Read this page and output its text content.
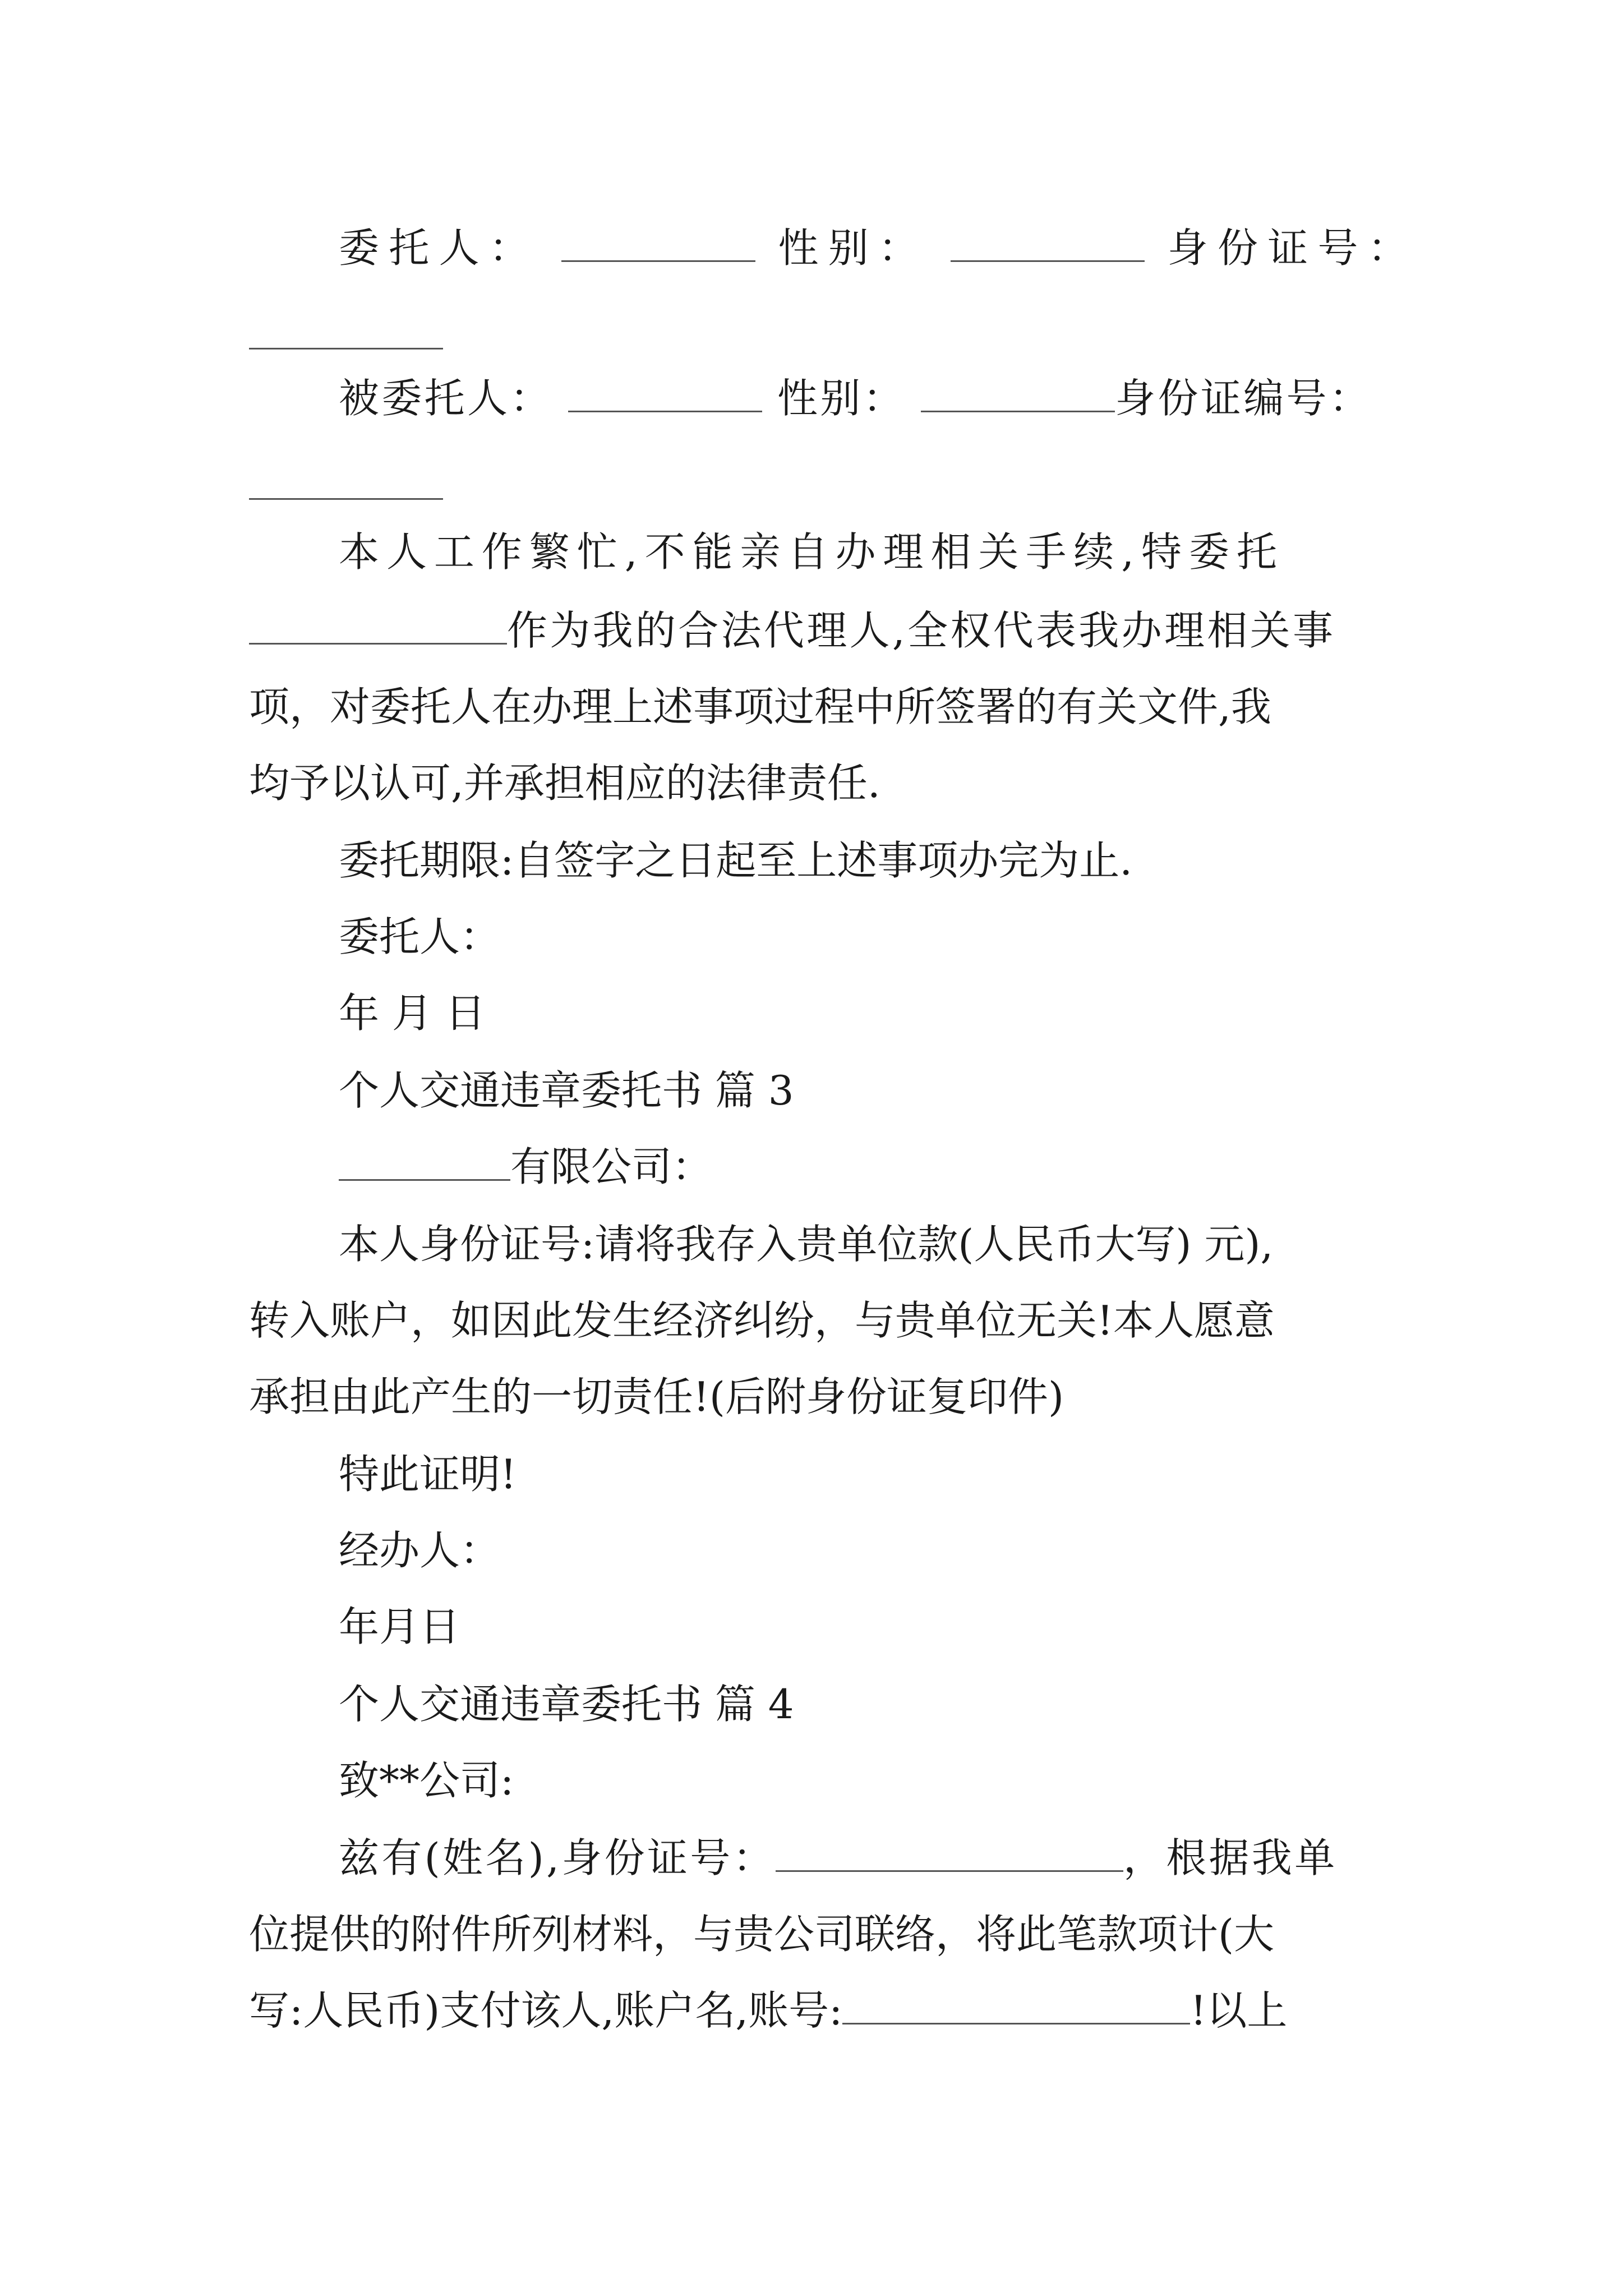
委托人：	性别：	身份证号：
被委托人：	性别：	身份证编号：
本人工作繁忙,不能亲自办理相关手续,特委托
作为我的合法代理人,全权代表我办理相关事
项，对委托人在办理上述事项过程中所签署的有关文件,我
均予以认可,并承担相应的法律责任.
委托期限:自签字之日起至上述事项办完为止.
委托人：
年 月 日
个人交通违章委托书 篇 3
有限公司：
本人身份证号:请将我存入贵单位款(人民币大写) 元),
转入账户，如因此发生经济纠纷，与贵单位无关!本人愿意
承担由此产生的一切责任!(后附身份证复印件)
特此证明!
经办人：
年月日
个人交通违章委托书 篇 4
致**公司:
兹有(姓名),身份证号：	，根据我单
位提供的附件所列材料，与贵公司联络，将此笔款项计(大
写:人民币)支付该人,账户名,账号:	!以上
